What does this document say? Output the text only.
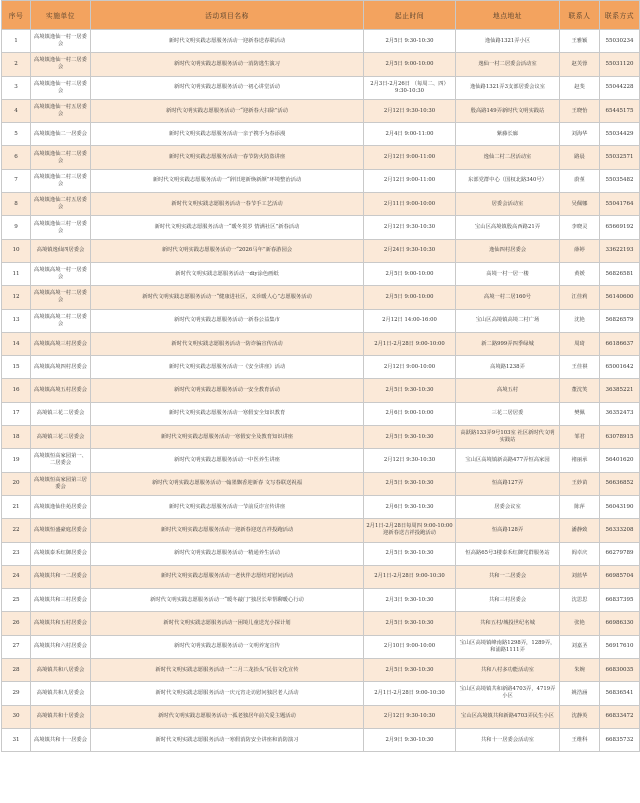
序号	实施单位	活动项目名称	起止时间	地点地址	联系人	联系方式
1	高境镇逸仙一村一居委会	新时代文明实践志愿服务活动一迎新春送春联活动	2月5日 9:30-10:30	逸仙路1321弄小区	王雅颖	55030234
2	高境镇逸仙一村二居委会	新时代文明实践志愿服务活动一消防逃生演习	2月5日 9:00-10:00	逸仙一村二居委会活动室	赵芙蓉	55031120
3	高境镇逸仙一村三居委会	新时代文明实践志愿服务活动一初心讲堂活动	2月3日-2月26日 （每周二、四）9:30-10:30	逸仙路1321弄3支部居委会议室	赵斐	55044228
4	高境镇逸仙一村五居委会	新时代文明实践志愿服务活动一“迎新春大扫除”活动	2月12日 9:30-10:30	殷高路149弄新时代文明实践站	王晓怡	65445175
5	高境镇逸仙二一居委会	新时代文明实践志愿服务活动一亲子携手为春添漫	2月4日 9:00-11:00	紫藤长廊	刘海华	55034429
6	高境镇逸仙二村二居委会	新时代文明实践志愿服务活动一春节防火防盗讲座	2月12日 9:00-11:00	逸仙二村二居活动室	路晨	55032571
7	高境镇逸仙二村三居委会	新时代文明实践志愿服务活动一“辞旧迎新焕新颜”环境整治活动	2月12日 9:00-11:00	东部党群中心（国权北路340号）	蔚堇	55035482
8	高境镇逸仙二村五居委会	新时代文明实践志愿服务活动一春节手工艺活动	2月11日 9:00-10:00	居委会活动室	吴佩娜	55041764
9	高境镇逸仙三村一居委会	新时代文明实践志愿服务活动一“暖冬贺岁 情满社区”新春活动	2月12日 9:30-10:30	宝山区高境镇殷高西路21弄	李晓灵	65669192
10	高境镇逸仙四居委会	新时代文明实践志愿服务活动一“2026马年”新春游园会	2月24日 9:30-10:30	逸仙四村居委会	薛婷	33622193
11	高境镇高境一村一居委会	新时代文明实践志愿服务活动一diy涂色画纸	2月5日 9:00-10:00	高境一村一居一楼	黄媛	56826581
12	高境镇高境一村二居委会	新时代文明实践志愿服务活动一“健康进社区，义诊暖人心”志愿服务活动	2月5日 9:00-10:00	高境一村二居160号	江佳莉	56140600
13	高境镇高境二村二居委会	新时代文明实践志愿服务活动一新春公益集市	2月12日 14:00-16:00	宝山区高境镇高境二村广场	沈艳	56826579
14	高境镇高境三村居委会	新时代文明实践志愿服务活动一防诈骗宣传活动	2月1日-2月28日 9:00-10:00	新二路999弄四季绿城	周琦	66186637
15	高境镇高境四村居委会	新时代文明实践志愿服务活动一《安全讲座》活动	2月12日 9:00-10:00	高境路1238弄	王佳祺	65001642
16	高境镇高境五村居委会	新时代文明实践志愿服务活动一安全教育活动	2月5日 9:30-10:30	高境五村	董沈笑	36385221
17	高境镇三花二居委会	新时代文明实践志愿服务活动一寒假安全知识教育	2月6日 9:00-10:00	三花二居居委	樊佩	36352473
18	高境镇三花三居委会	新时代文明实践志愿服务活动一寒假安全及教育知识讲座	2月5日 9:30-10:30	高跃路133弄9号103室 社区新时代文明实践站	邹君	63078915
19	高境镇恒高家园第一、二居委会	新时代文明实践志愿服务活动一中医养生讲座	2月12日 9:30-10:30	宝山区高境镇新高路477弄恒高家园	褚丽承	56401620
20	高境镇恒高家园第三居委会	新时代文明实践志愿服务活动一翰墨飘香迎新春 文写春联送祝福	2月5日 9:30-10:30	恒高路127弄	王妙苗	56636852
21	高境镇逸仙佳苑居委会	新时代文明实践志愿服务活动一节前反诈宣传讲座	2月6日 9:30-10:30	居委会议室	陈萍	56043190
22	高境镇恒盛豪庭居委会	新时代文明实践志愿服务活动一迎新春迎送吉祥投跑活动	2月1日-2月28日每周四 9:00-10:00 迎新春送吉祥投跑活动	恒高路128弄	潘静致	56333208
23	高境镇泰禾红御居委会	新时代文明实践志愿服务活动一精通养生活动	2月5日 9:30-10:30	恒高路65号3楼泰禾红御党群服务站	阎卓庆	66279789
24	高境镇共和一二居委会	新时代文明实践志愿服务活动一老伙伴志愿结对慰问活动	2月1日-2月28日 9:00-10:30	共和一二居委会	刘蓝华	66985704
25	高境镇共和三村居委会	新时代文明实践志愿服务活动一“暖冬敲门”独居长辈帮聊暖心行动	2月3日 9:30-10:30	共和三村居委会	沈思思	66837395
26	高境镇共和五村居委会	新时代文明实践志愿服务活动一困境儿童送光小探计划	2月5日 9:30-10:30	共和五村/城投世纪名城	张艳	66986330
27	高境镇共和六村居委会	新时代文明实践志愿服务活动一文明养宠宣传	2月10日 9:00-10:00	宝山区高境镇峰南路1298弄，1289弄，和浦路1111弄	刘嘉圣	56917610
28	高境镇共和八居委会	新时代文明实践志愿服务活动一“二月二龙抬头”民俗文化宣传	2月5日 9:30-10:30	共和八村多功能活动室	朱婉	66830035
29	高境镇共和九居委会	新时代文明实践志愿服务活动一庆元宵走访慰问独居老人活动	2月1日-2月28日 9:00-10:30	宝山区高境镇共和新路4703弄，4719弄小区	姚浩涵	56836541
30	高境镇共和十居委会	新时代文明实践志愿服务活动一孤老独居年前关爱主题活动	2月12日 9:30-10:30	宝山区高境镇共和新路4703弄民生小区	沈静英	66833472
31	高境镇共和十一居委会	新时代文明实践志愿服务活动一寒假消防安全讲座和消防演习	2月9日 9:30-10:30	共和十一居委会活动室	王维科	66835732
